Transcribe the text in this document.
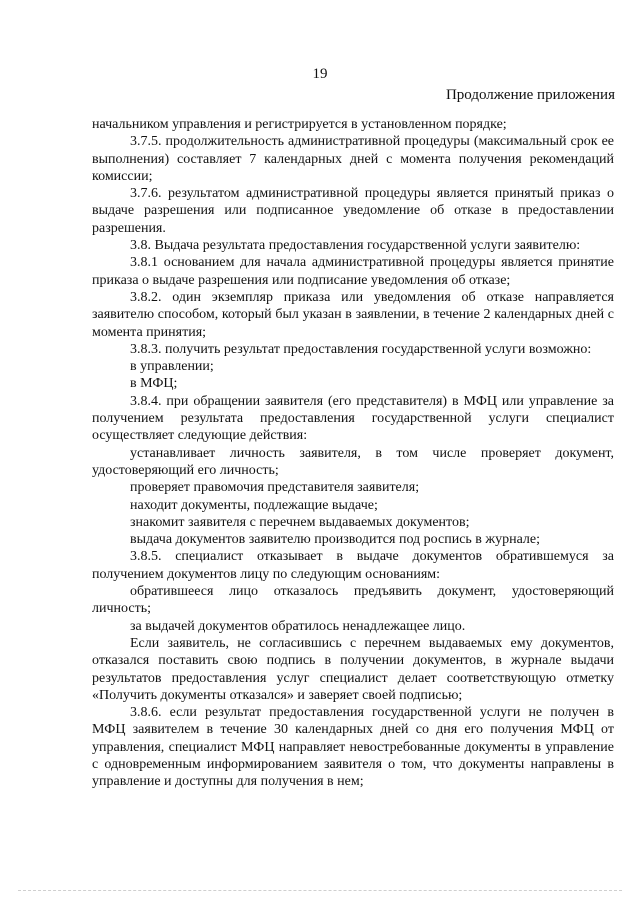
19
Продолжение приложения

начальником управления и регистрируется в установленном порядке;

3.7.5. продолжительность административной процедуры (максимальный срок ее выполнения) составляет 7 календарных дней с момента получения рекомендаций комиссии;

3.7.6. результатом административной процедуры является принятый приказ о выдаче разрешения или подписанное уведомление об отказе в предоставлении разрешения.

3.8. Выдача результата предоставления государственной услуги заявителю:

3.8.1 основанием для начала административной процедуры является принятие приказа о выдаче разрешения или подписание уведомления об отказе;

3.8.2. один экземпляр приказа или уведомления об отказе направляется заявителю способом, который был указан в заявлении, в течение 2 календарных дней с момента принятия;

3.8.3. получить результат предоставления государственной услуги возможно:

в управлении;

в МФЦ;

3.8.4. при обращении заявителя (его представителя) в МФЦ или управление за получением результата предоставления государственной услуги специалист осуществляет следующие действия:

устанавливает личность заявителя, в том числе проверяет документ, удостоверяющий его личность;

проверяет правомочия представителя заявителя;

находит документы, подлежащие выдаче;

знакомит заявителя с перечнем выдаваемых документов;

выдача документов заявителю производится под роспись в журнале;

3.8.5. специалист отказывает в выдаче документов обратившемуся за получением документов лицу по следующим основаниям:

обратившееся лицо отказалось предъявить документ, удостоверяющий личность;

за выдачей документов обратилось ненадлежащее лицо.

Если заявитель, не согласившись с перечнем выдаваемых ему документов, отказался поставить свою подпись в получении документов, в журнале выдачи результатов предоставления услуг специалист делает соответствующую отметку «Получить документы отказался» и заверяет своей подписью;

3.8.6. если результат предоставления государственной услуги не получен в МФЦ заявителем в течение 30 календарных дней со дня его получения МФЦ от управления, специалист МФЦ направляет невостребованные документы в управление с одновременным информированием заявителя о том, что документы направлены в управление и доступны для получения в нем;
